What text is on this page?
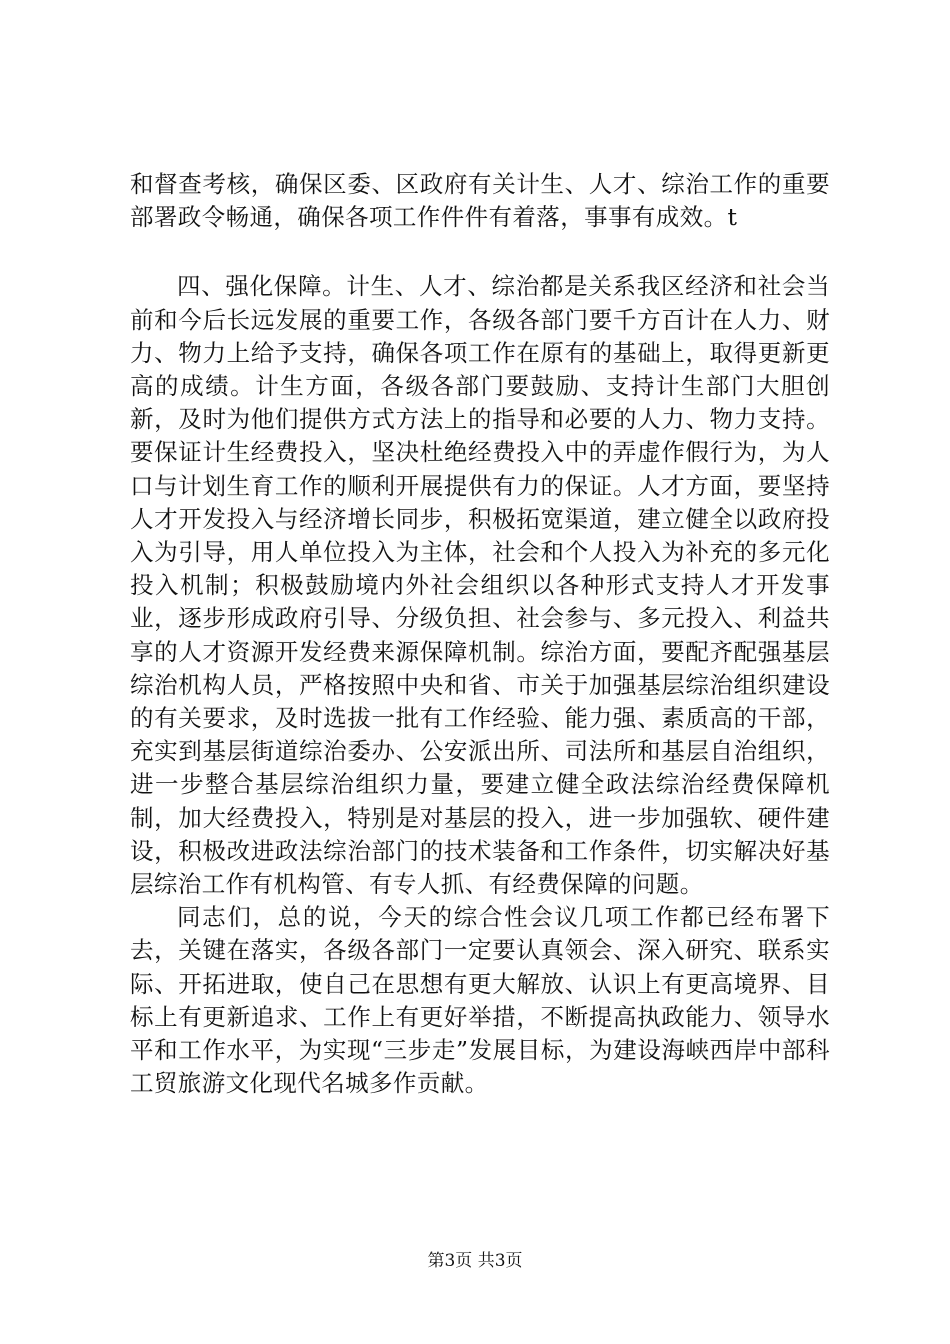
和督查考核，确保区委、区政府有关计生、人才、综治工作的重要部署政令畅通，确保各项工作件件有着落，事事有成效。t

四、强化保障。计生、人才、综治都是关系我区经济和社会当前和今后长远发展的重要工作，各级各部门要千方百计在人力、财力、物力上给予支持，确保各项工作在原有的基础上，取得更新更高的成绩。计生方面，各级各部门要鼓励、支持计生部门大胆创新，及时为他们提供方式方法上的指导和必要的人力、物力支持。要保证计生经费投入，坚决杜绝经费投入中的弄虚作假行为，为人口与计划生育工作的顺利开展提供有力的保证。人才方面，要坚持人才开发投入与经济增长同步，积极拓宽渠道，建立健全以政府投入为引导，用人单位投入为主体，社会和个人投入为补充的多元化投入机制；积极鼓励境内外社会组织以各种形式支持人才开发事业，逐步形成政府引导、分级负担、社会参与、多元投入、利益共享的人才资源开发经费来源保障机制。综治方面，要配齐配强基层综治机构人员，严格按照中央和省、市关于加强基层综治组织建设的有关要求，及时选拔一批有工作经验、能力强、素质高的干部，充实到基层街道综治委办、公安派出所、司法所和基层自治组织，进一步整合基层综治组织力量，要建立健全政法综治经费保障机制，加大经费投入，特别是对基层的投入，进一步加强软、硬件建设，积极改进政法综治部门的技术装备和工作条件，切实解决好基层综治工作有机构管、有专人抓、有经费保障的问题。

同志们，总的说，今天的综合性会议几项工作都已经布署下去，关键在落实，各级各部门一定要认真领会、深入研究、联系实际、开拓进取，使自己在思想有更大解放、认识上有更高境界、目标上有更新追求、工作上有更好举措，不断提高执政能力、领导水平和工作水平，为实现“三步走”发展目标，为建设海峡西岸中部科工贸旅游文化现代名城多作贡献。

第3页 共3页
